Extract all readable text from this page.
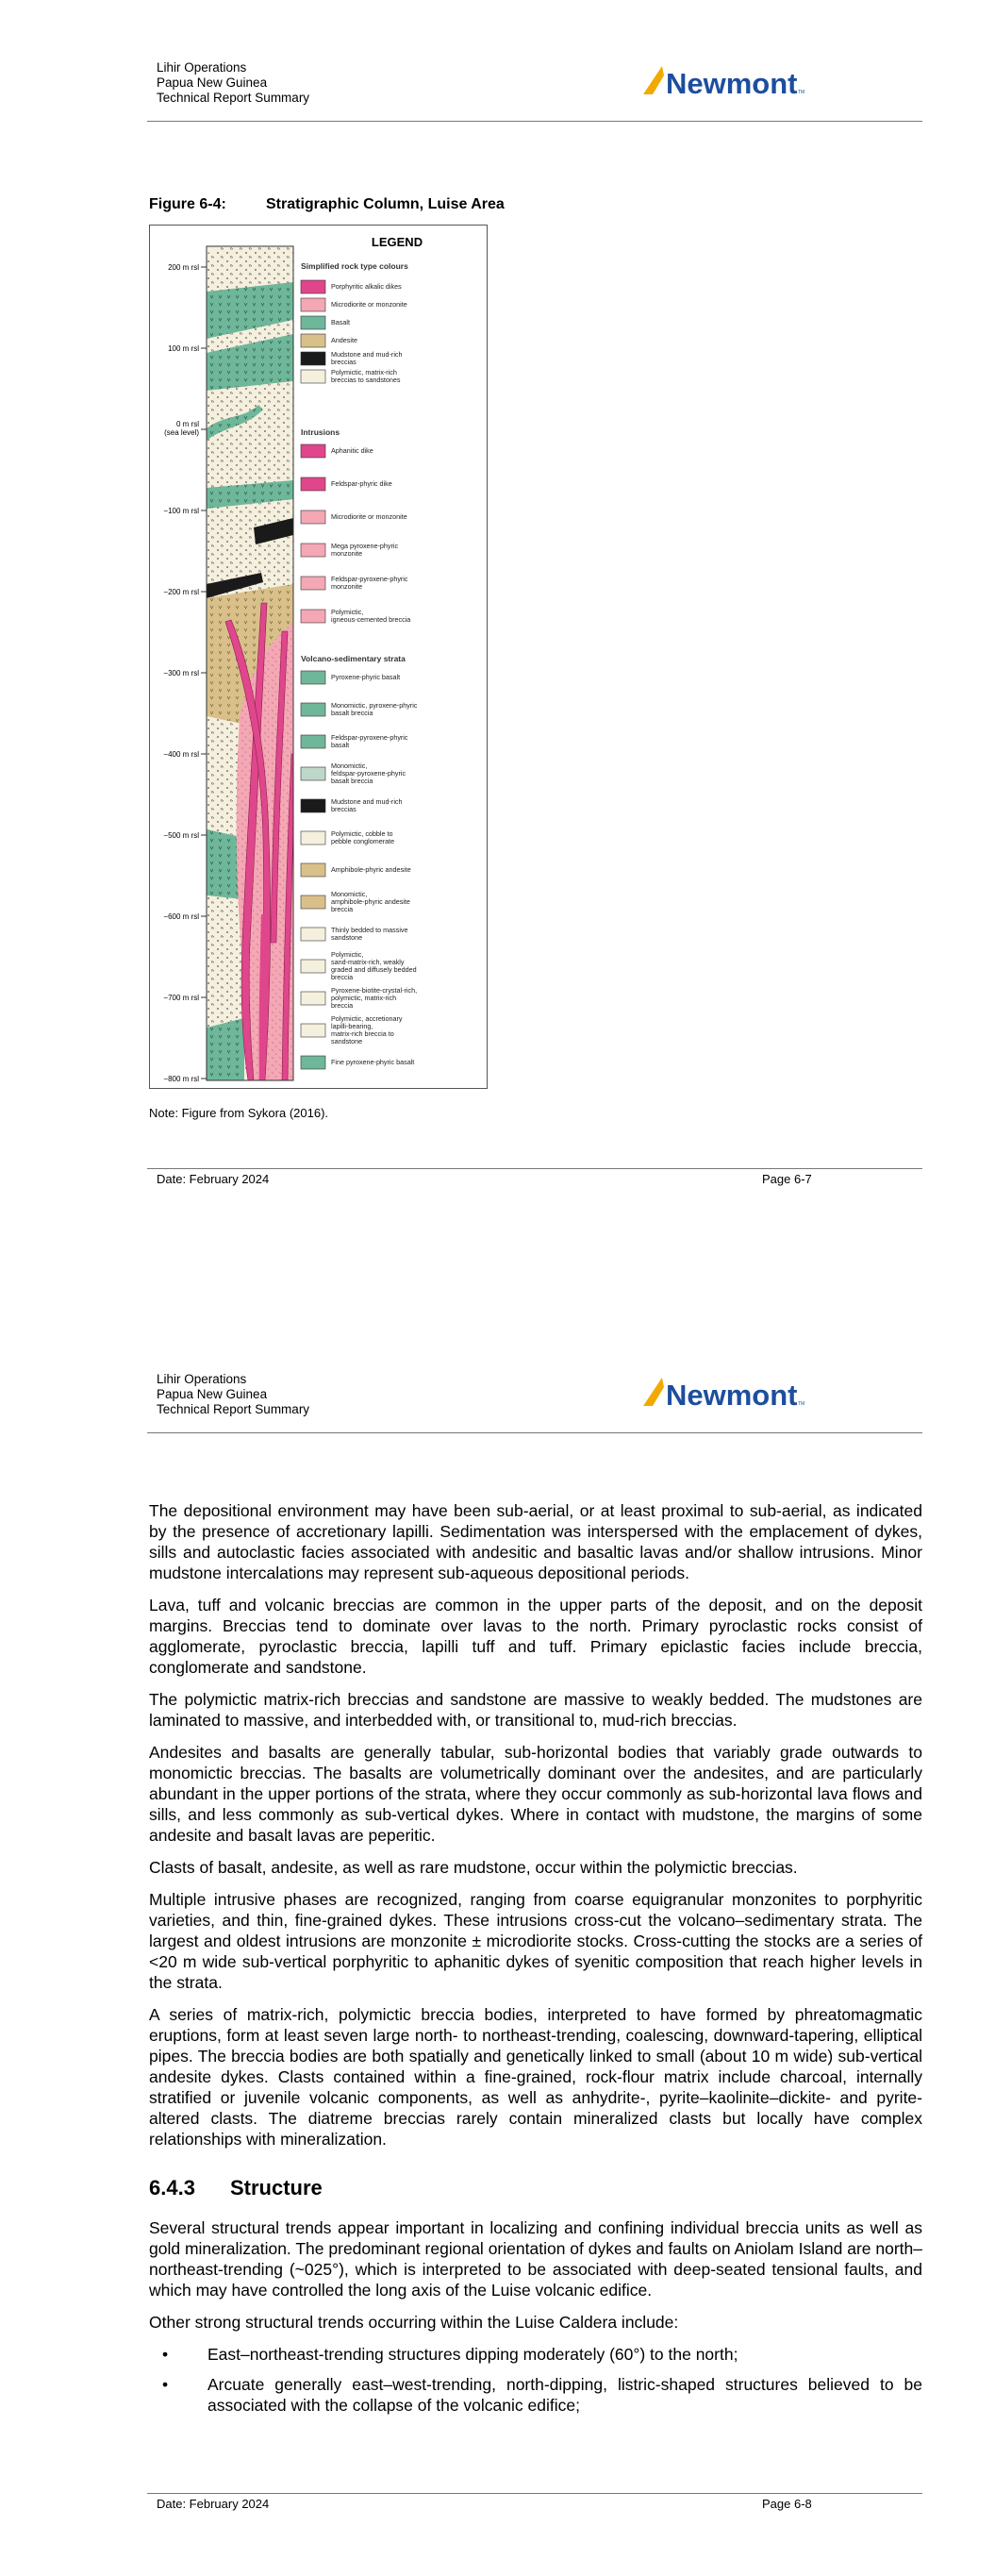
Lihir Operations
Papua New Guinea
Technical Report Summary	Newmont TM
Figure 6-4:	Stratigraphic Column, Luise Area
200 m rsl
100 m rsl
0 m rsl
(sea level)
−100 m rsl
−200 m rsl
−300 m rsl
−400 m rsl
−500 m rsl
−600 m rsl
−700 m rsl
−800 m rsl
LEGEND
Simplified rock type colours
Porphyritic alkalic dikes
Microdiorite or monzonite
Basalt
Andesite
Mudstone and mud-rich breccias
Polymictic, matrix-rich breccias to sandstones
Intrusions
Aphanitic dike
Feldspar-phyric dike
Microdiorite or monzonite
Mega pyroxene-phyric monzonite
Feldspar-pyroxene-phyric monzonite
Polymictic, igneous-cemented breccia
Volcano-sedimentary strata
Pyroxene-phyric basalt
Monomictic, pyroxene-phyric basalt breccia
Feldspar-pyroxene-phyric basalt
Monomictic, feldspar-pyroxene-phyric basalt breccia
Mudstone and mud-rich breccias
Polymictic, cobble to pebble conglomerate
Amphibole-phyric andesite
Monomictic, amphibole-phyric andesite breccia
Thinly bedded to massive sandstone
Polymictic, sand-matrix-rich, weakly graded and diffusely bedded breccia
Pyroxene-biotite-crystal-rich, polymictic, matrix-rich breccia
Polymictic, accretionary lapilli-bearing, matrix-rich breccia to sandstone
Fine pyroxene-phyric basalt
Note: Figure from Sykora (2016).
Date: February 2024	Page 6-7
Lihir Operations
Papua New Guinea
Technical Report Summary	Newmont TM

The depositional environment may have been sub-aerial, or at least proximal to sub-aerial, as indicated by the presence of accretionary lapilli. Sedimentation was interspersed with the emplacement of dykes, sills and autoclastic facies associated with andesitic and basaltic lavas and/or shallow intrusions. Minor mudstone intercalations may represent sub-aqueous depositional periods.

Lava, tuff and volcanic breccias are common in the upper parts of the deposit, and on the deposit margins. Breccias tend to dominate over lavas to the north. Primary pyroclastic rocks consist of agglomerate, pyroclastic breccia, lapilli tuff and tuff. Primary epiclastic facies include breccia, conglomerate and sandstone.

The polymictic matrix-rich breccias and sandstone are massive to weakly bedded. The mudstones are laminated to massive, and interbedded with, or transitional to, mud-rich breccias.

Andesites and basalts are generally tabular, sub-horizontal bodies that variably grade outwards to monomictic breccias. The basalts are volumetrically dominant over the andesites, and are particularly abundant in the upper portions of the strata, where they occur commonly as sub-horizontal lava flows and sills, and less commonly as sub-vertical dykes. Where in contact with mudstone, the margins of some andesite and basalt lavas are peperitic.

Clasts of basalt, andesite, as well as rare mudstone, occur within the polymictic breccias.

Multiple intrusive phases are recognized, ranging from coarse equigranular monzonites to porphyritic varieties, and thin, fine-grained dykes. These intrusions cross-cut the volcano–sedimentary strata. The largest and oldest intrusions are monzonite ± microdiorite stocks. Cross-cutting the stocks are a series of <20 m wide sub-vertical porphyritic to aphanitic dykes of syenitic composition that reach higher levels in the strata.

A series of matrix-rich, polymictic breccia bodies, interpreted to have formed by phreatomagmatic eruptions, form at least seven large north- to northeast-trending, coalescing, downward-tapering, elliptical pipes. The breccia bodies are both spatially and genetically linked to small (about 10 m wide) sub-vertical andesite dykes. Clasts contained within a fine-grained, rock-flour matrix include charcoal, internally stratified or juvenile volcanic components, as well as anhydrite-, pyrite–kaolinite–dickite- and pyrite-altered clasts. The diatreme breccias rarely contain mineralized clasts but locally have complex relationships with mineralization.

6.4.3 Structure

Several structural trends appear important in localizing and confining individual breccia units as well as gold mineralization. The predominant regional orientation of dykes and faults on Aniolam Island are north–northeast-trending (~025°), which is interpreted to be associated with deep-seated tensional faults, and which may have controlled the long axis of the Luise volcanic edifice.

Other strong structural trends occurring within the Luise Caldera include:

• East–northeast-trending structures dipping moderately (60°) to the north;
• Arcuate generally east–west-trending, north-dipping, listric-shaped structures believed to be associated with the collapse of the volcanic edifice;
Date: February 2024	Page 6-8
